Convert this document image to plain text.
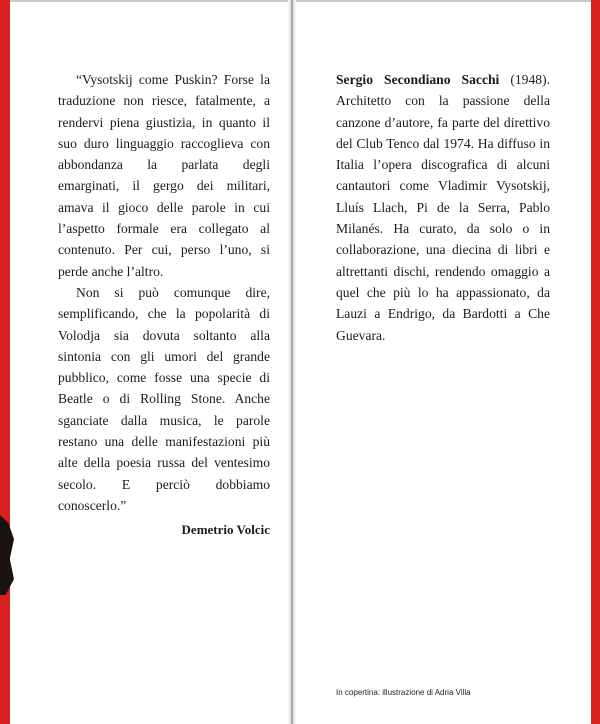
“Vysotskij come Puskin? Forse la traduzione non riesce, fatalmente, a rendervi piena giustizia, in quanto il suo duro linguaggio raccoglieva con abbondanza la parlata degli emarginati, il gergo dei militari, amava il gioco delle parole in cui l’aspetto formale era collegato al contenuto. Per cui, perso l’uno, si perde anche l’altro.

Non si può comunque dire, semplificando, che la popolarità di Volodja sia dovuta soltanto alla sintonia con gli umori del grande pubblico, come fosse una specie di Beatle o di Rolling Stone. Anche sganciate dalla musica, le parole restano una delle manifestazioni più alte della poesia russa del ventesimo secolo. E perciò dobbiamo conoscerlo.”

Demetrio Volcic

Sergio Secondiano Sacchi (1948). Architetto con la passione della canzone d’autore, fa parte del direttivo del Club Tenco dal 1974. Ha diffuso in Italia l’opera discografica di alcuni cantautori come Vladimir Vysotskij, Lluís Llach, Pi de la Serra, Pablo Milanés. Ha curato, da solo o in collaborazione, una diecina di libri e altrettanti dischi, rendendo omaggio a quel che più lo ha appassionato, da Lauzi a Endrigo, da Bardotti a Che Guevara.

In copertina: illustrazione di Adria Villa
